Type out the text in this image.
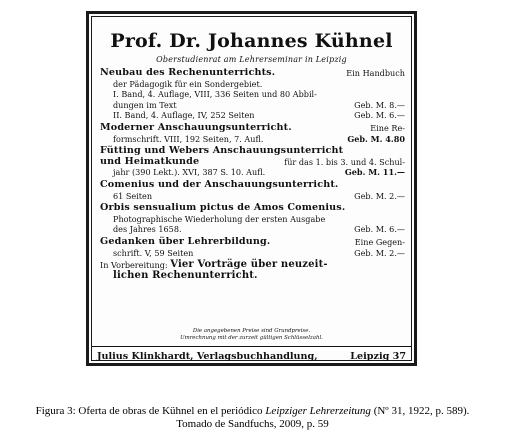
Prof. Dr. Johannes Kühnel
Oberstudienrat am Lehrerseminar in Leipzig
Neubau des Rechenunterrichts.	Ein Handbuch
der Pädagogik für ein Sondergebiet.
I. Band, 4. Auflage, VIII, 336 Seiten und 80 Abbil-
dungen im Text	Geb. M. 8.—
II. Band, 4. Auflage, IV, 252 Seiten	Geb. M. 6.—
Moderner Anschauungsunterricht.	Eine Re-
formschrift. VIII, 192 Seiten, 7. Aufl.	Geb. M. 4.80
Fütting und Webers Anschauungsunterricht
und Heimatkunde	für das 1. bis 3. und 4. Schul-
jahr (390 Lekt.). XVI, 387 S. 10. Aufl.	Geb. M. 11.—
Comenius und der Anschauungsunterricht.
61 Seiten	Geb. M. 2.—
Orbis sensualium pictus de Amos Comenius.
Photographische Wiederholung der ersten Ausgabe
des Jahres 1658.	Geb. M. 6.—
Gedanken über Lehrerbildung.	Eine Gegen-
schrift. V, 59 Seiten	Geb. M. 2.—
In Vorbereitung:
Vier Vorträge über neuzeit-
lichen Rechenunterricht.
Die angegebenen Preise sind Grundpreise.
Umrechnung mit der zurzeit gültigen Schlüsselzahl.
Julius Klinkhardt, Verlagsbuchhandlung,	Leipzig 37
Figura 3: Oferta de obras de Kühnel en el periódico Leipziger Lehrerzeitung (Nº 31, 1922, p. 589).
Tomado de Sandfuchs, 2009, p. 59
